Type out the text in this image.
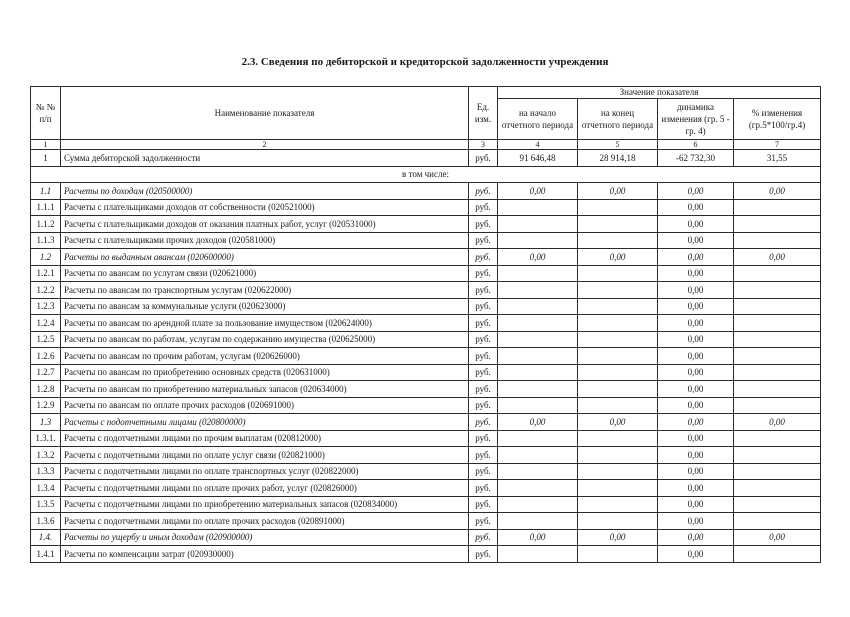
2.3. Сведения по дебиторской и кредиторской задолженности учреждения
№ № п/п	Наименование показателя	Ед. изм.	Значение показателя			
			на начало отчетного периода	на конец отчетного периода	динамика изменения (гр. 5 - гр. 4)	% изменения (гр.5*100/гр.4)
1	2	3	4	5	6	7
1	Сумма дебиторской задолженности	руб.	91 646,48	28 914,18	-62 732,30	31,55
в том числе:						
1.1	Расчеты по доходам (020500000)	руб.	0,00	0,00	0,00	0,00
1.1.1	Расчеты с плательщиками доходов от собственности (020521000)	руб.			0,00	
1.1.2	Расчеты с плательщиками доходов от оказания платных работ, услуг (020531000)	руб.			0,00	
1.1.3	Расчеты с плательщиками прочих доходов (020581000)	руб.			0,00	
1.2	Расчеты по выданным авансам (020600000)	руб.	0,00	0,00	0,00	0,00
1.2.1	Расчеты по авансам по услугам связи (020621000)	руб.			0,00	
1.2.2	Расчеты по авансам по транспортным услугам (020622000)	руб.			0,00	
1.2.3	Расчеты по авансам за коммунальные услуги (020623000)	руб.			0,00	
1.2.4	Расчеты по авансам по арендной плате за пользование имуществом (020624000)	руб.			0,00	
1.2.5	Расчеты по авансам по работам, услугам по содержанию имущества (020625000)	руб.			0,00	
1.2.6	Расчеты по авансам по прочим работам, услугам (020626000)	руб.			0,00	
1.2.7	Расчеты по авансам по приобретению основных средств (020631000)	руб.			0,00	
1.2.8	Расчеты по авансам по приобретению материальных запасов (020634000)	руб.			0,00	
1.2.9	Расчеты по авансам по оплате прочих расходов (020691000)	руб.			0,00	
1.3	Расчеты с подотчетными лицами (020800000)	руб.	0,00	0,00	0,00	0,00
1.3.1.	Расчеты с подотчетными лицами по прочим выплатам (020812000)	руб.			0,00	
1.3.2	Расчеты с подотчетными лицами по оплате услуг связи (020821000)	руб.			0,00	
1.3.3	Расчеты с подотчетными лицами по оплате транспортных услуг (020822000)	руб.			0,00	
1.3.4	Расчеты с подотчетными лицами по оплате прочих работ, услуг (020826000)	руб.			0,00	
1.3.5	Расчеты с подотчетными лицами по приобретению материальных запасов (020834000)	руб.			0,00	
1.3.6	Расчеты с подотчетными лицами по оплате прочих расходов (020891000)	руб.			0,00	
1.4.	Расчеты по ущербу и иным доходам (020900000)	руб.	0,00	0,00	0,00	0,00
1.4.1	Расчеты по компенсации затрат (020930000)	руб.			0,00	
